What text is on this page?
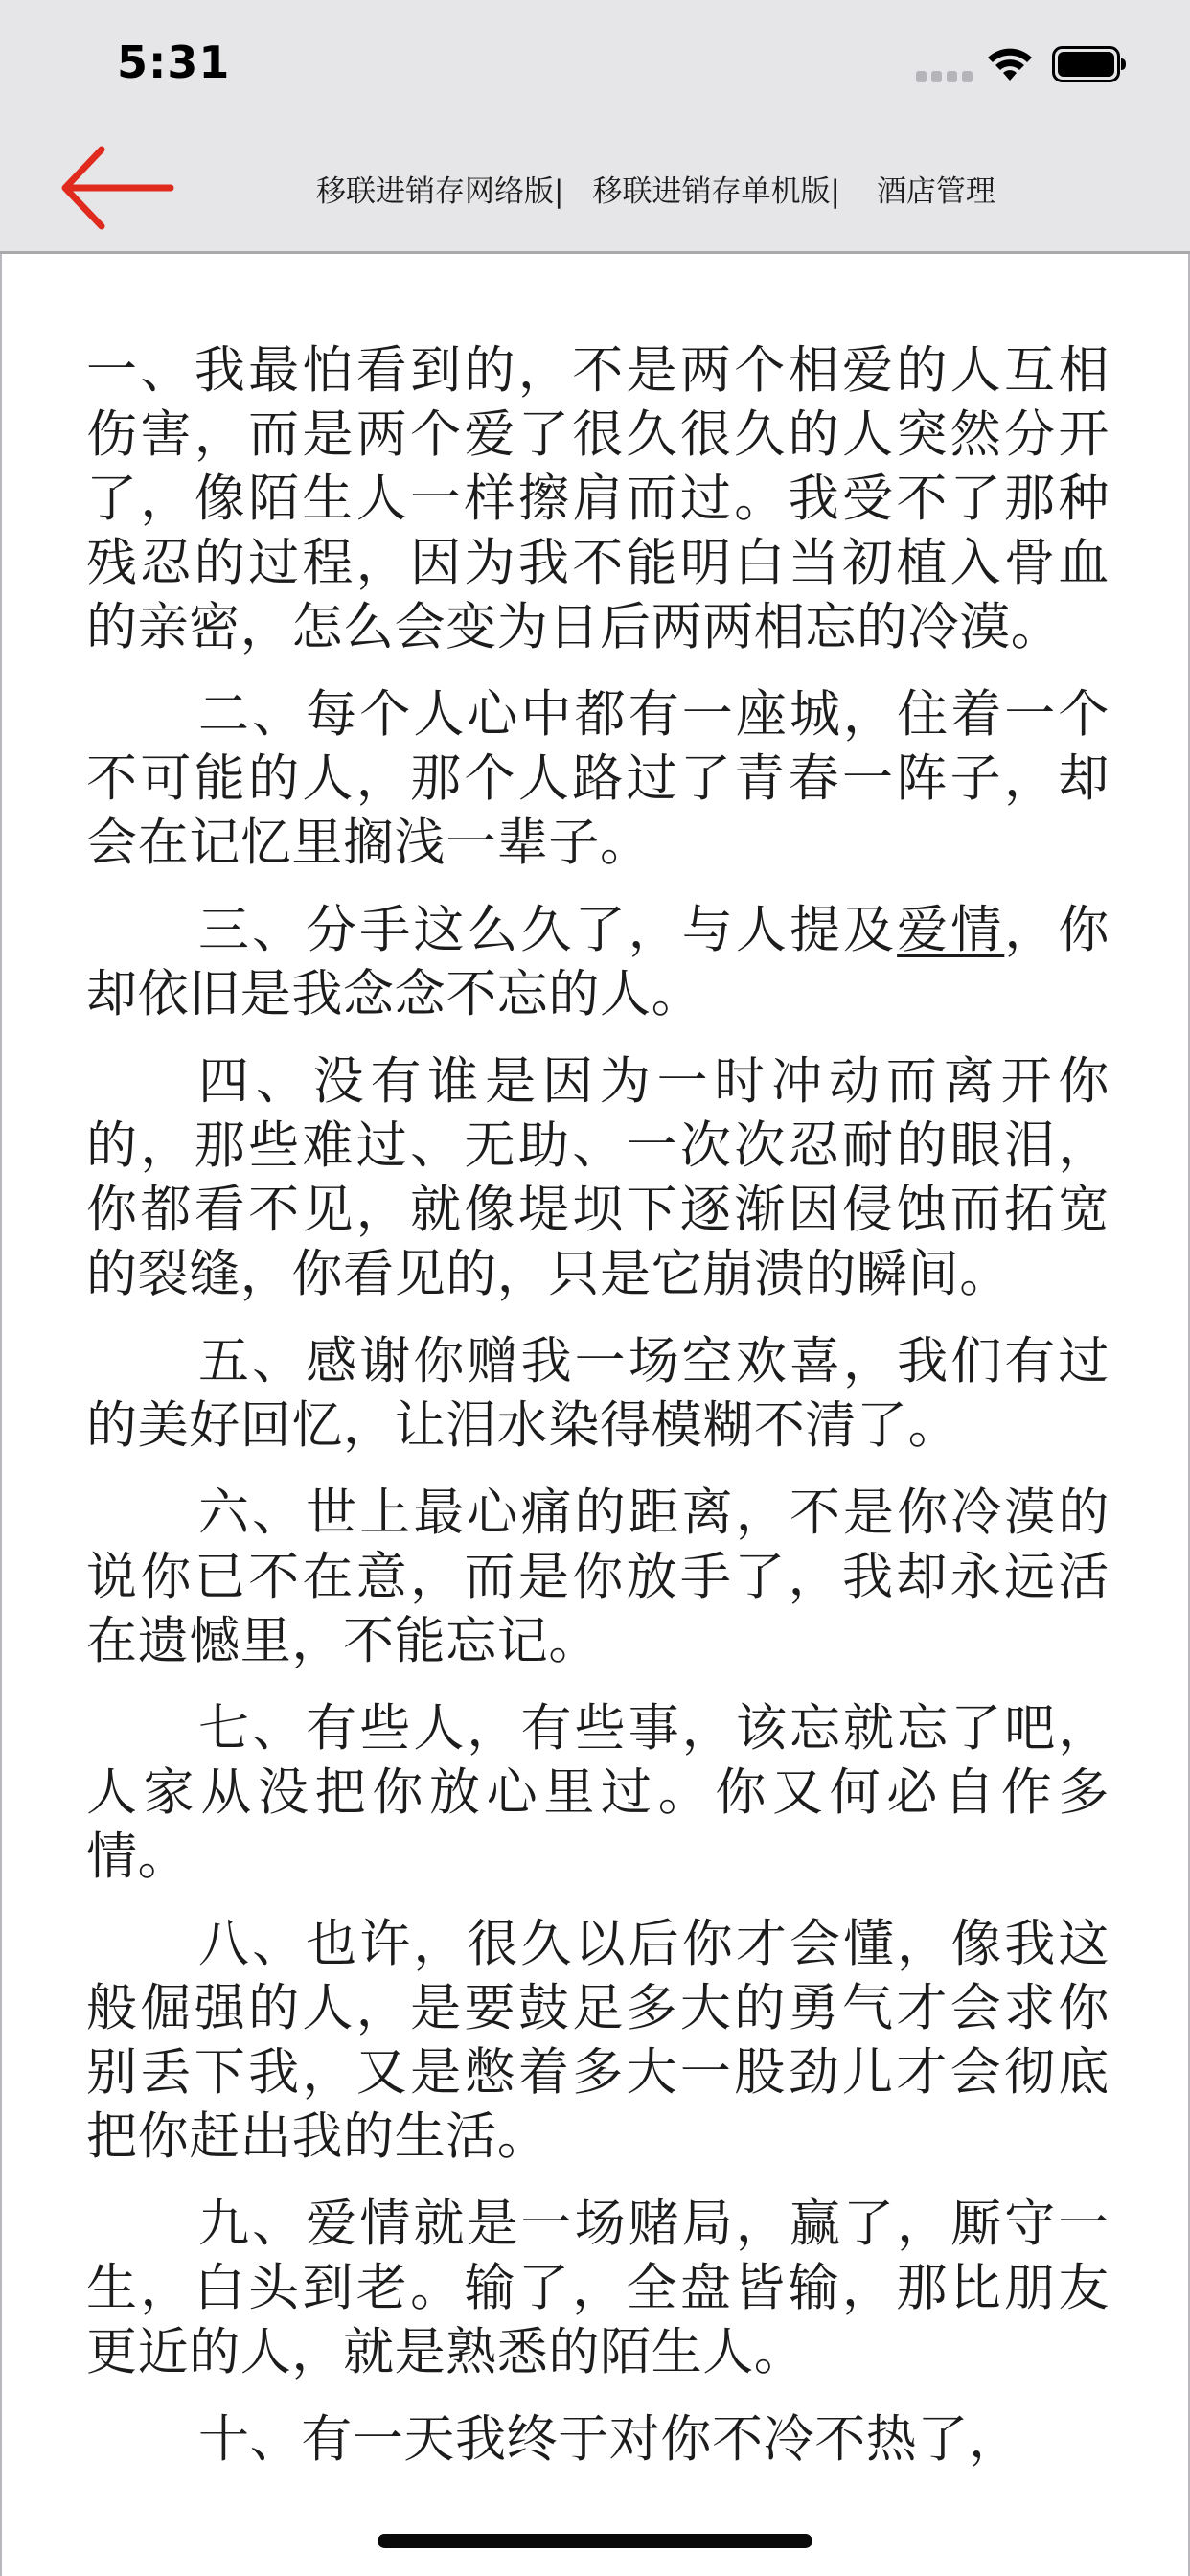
5:31
移联进销存网络版| 移联进销存单机版| 酒店管理

一、我最怕看到的，不是两个相爱的人互相伤害，而是两个爱了很久很久的人突然分开了，像陌生人一样擦肩而过。我受不了那种残忍的过程，因为我不能明白当初植入骨血的亲密，怎么会变为日后两两相忘的冷漠。

二、每个人心中都有一座城，住着一个不可能的人，那个人路过了青春一阵子，却会在记忆里搁浅一辈子。

三、分手这么久了，与人提及爱情，你却依旧是我念念不忘的人。

四、没有谁是因为一时冲动而离开你的，那些难过、无助、一次次忍耐的眼泪，你都看不见，就像堤坝下逐渐因侵蚀而拓宽的裂缝，你看见的，只是它崩溃的瞬间。

五、感谢你赠我一场空欢喜，我们有过的美好回忆，让泪水染得模糊不清了。

六、世上最心痛的距离，不是你冷漠的说你已不在意，而是你放手了，我却永远活在遗憾里，不能忘记。

七、有些人，有些事，该忘就忘了吧，人家从没把你放心里过。你又何必自作多情。

八、也许，很久以后你才会懂，像我这般倔强的人，是要鼓足多大的勇气才会求你别丢下我，又是憋着多大一股劲儿才会彻底把你赶出我的生活。

九、爱情就是一场赌局，赢了，厮守一生，白头到老。输了，全盘皆输，那比朋友更近的人，就是熟悉的陌生人。

十、有一天我终于对你不冷不热了，
